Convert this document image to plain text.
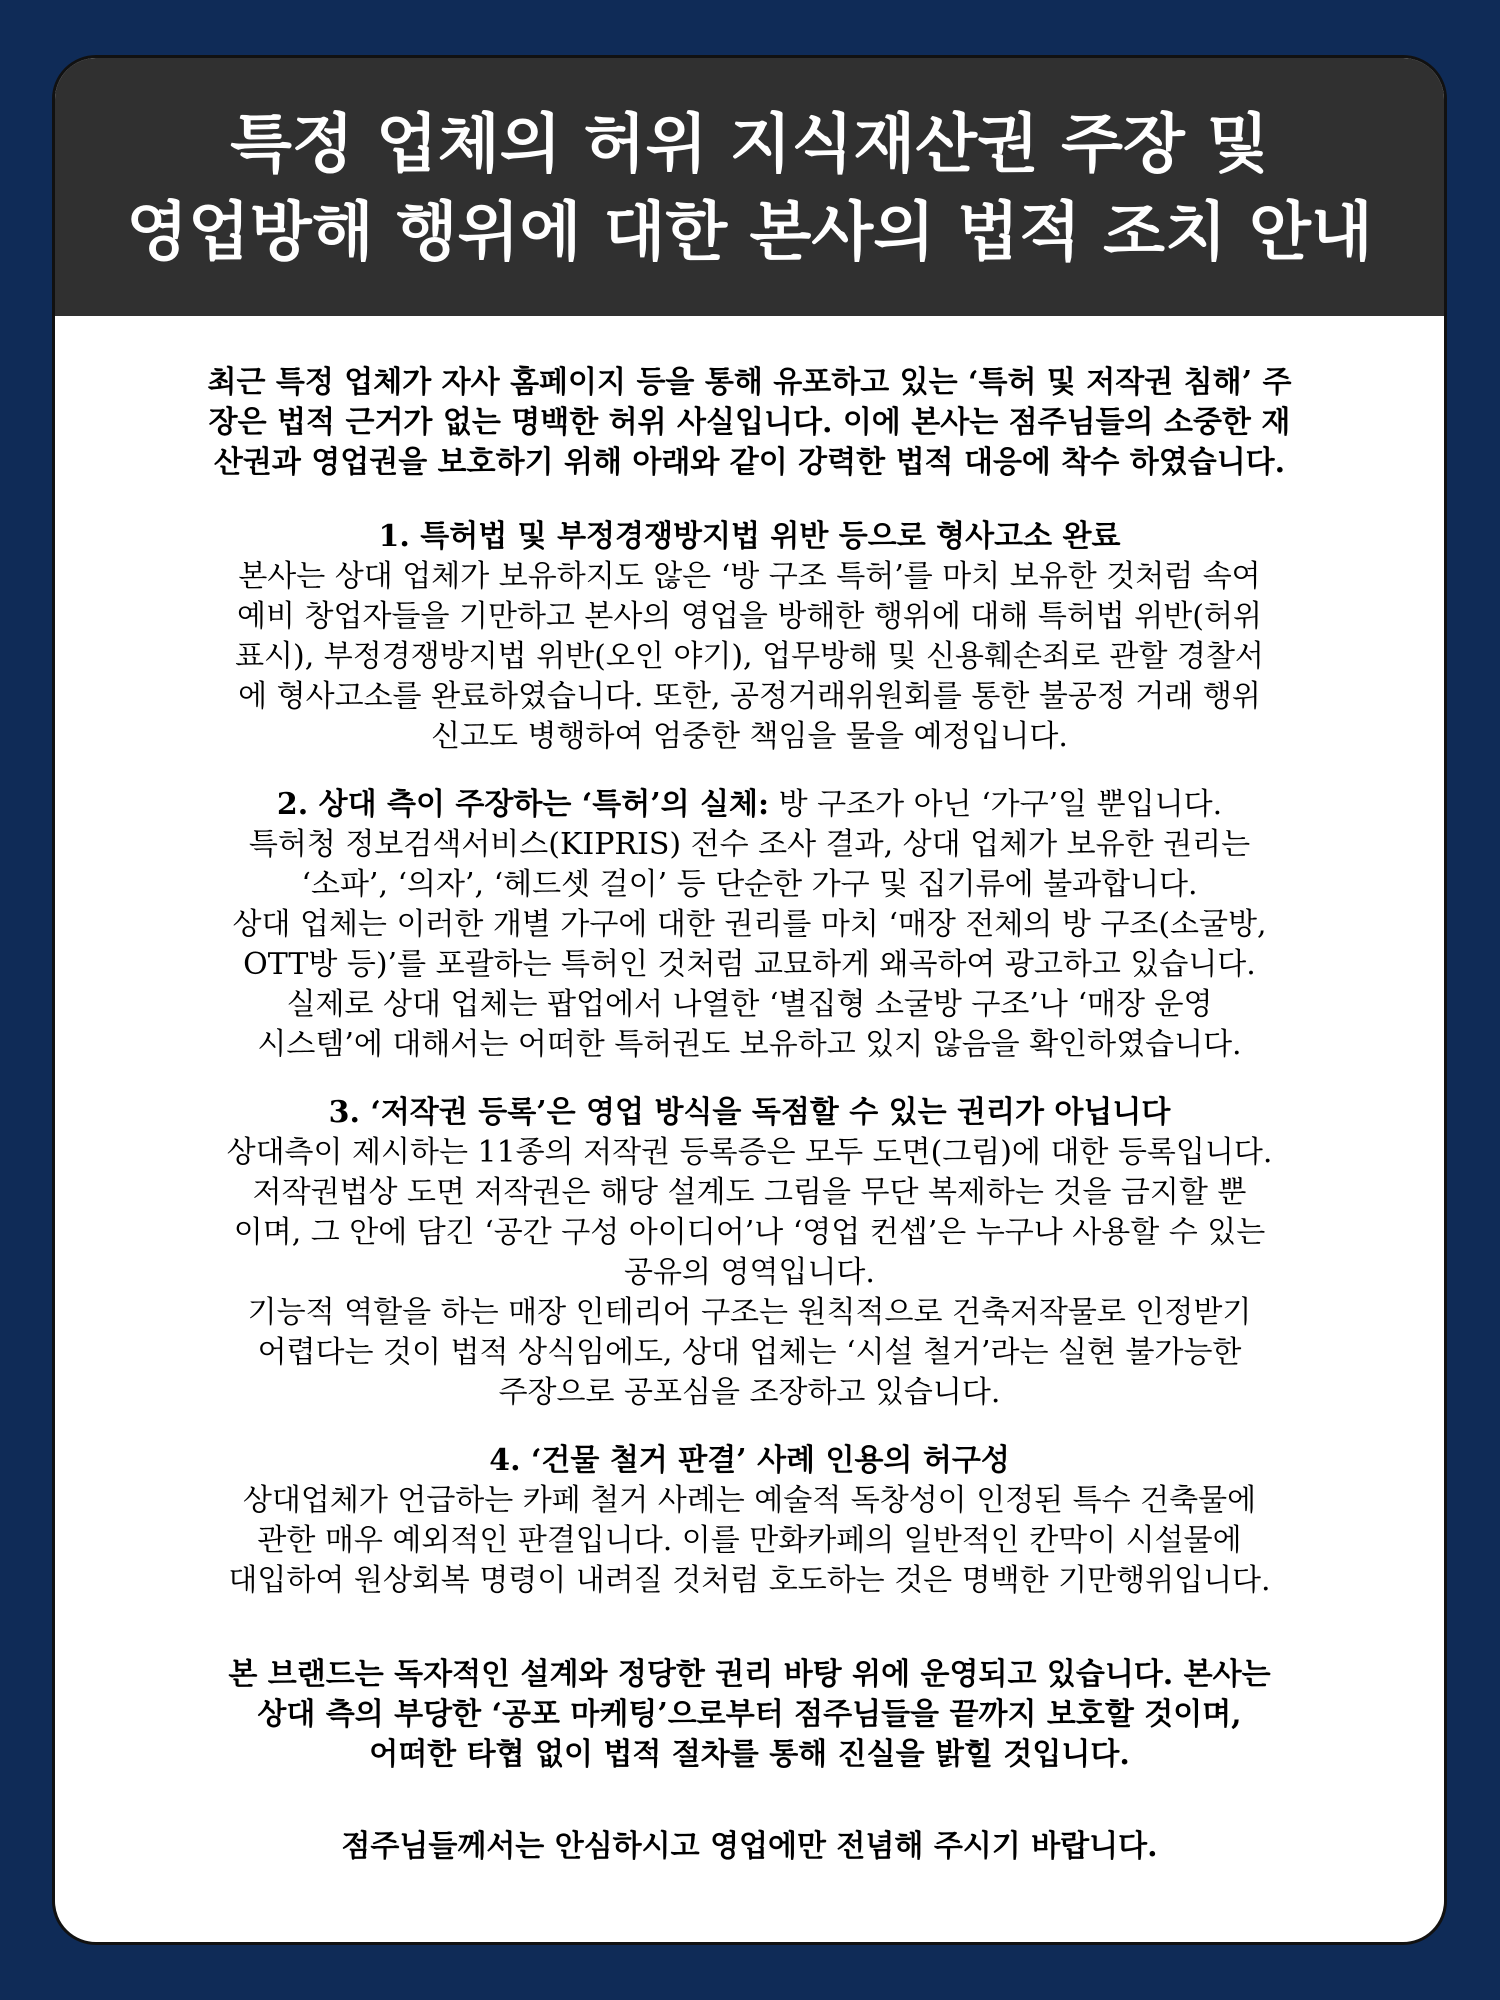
특정 업체의 허위 지식재산권 주장 및
영업방해 행위에 대한 본사의 법적 조치 안내
최근 특정 업체가 자사 홈페이지 등을 통해 유포하고 있는 ‘특허 및 저작권 침해’ 주
장은 법적 근거가 없는 명백한 허위 사실입니다. 이에 본사는 점주님들의 소중한 재
산권과 영업권을 보호하기 위해 아래와 같이 강력한 법적 대응에 착수 하였습니다.
1. 특허법 및 부정경쟁방지법 위반 등으로 형사고소 완료
본사는 상대 업체가 보유하지도 않은 ‘방 구조 특허’를 마치 보유한 것처럼 속여
예비 창업자들을 기만하고 본사의 영업을 방해한 행위에 대해 특허법 위반(허위
표시), 부정경쟁방지법 위반(오인 야기), 업무방해 및 신용훼손죄로 관할 경찰서
에 형사고소를 완료하였습니다. 또한, 공정거래위원회를 통한 불공정 거래 행위
신고도 병행하여 엄중한 책임을 물을 예정입니다.
2. 상대 측이 주장하는 ‘특허’의 실체: 방 구조가 아닌 ‘가구’일 뿐입니다.
특허청 정보검색서비스(KIPRIS) 전수 조사 결과, 상대 업체가 보유한 권리는
‘소파’, ‘의자’, ‘헤드셋 걸이’ 등 단순한 가구 및 집기류에 불과합니다.
상대 업체는 이러한 개별 가구에 대한 권리를 마치 ‘매장 전체의 방 구조(소굴방,
OTT방 등)’를 포괄하는 특허인 것처럼 교묘하게 왜곡하여 광고하고 있습니다.
실제로 상대 업체는 팝업에서 나열한 ‘별집형 소굴방 구조’나 ‘매장 운영
시스템’에 대해서는 어떠한 특허권도 보유하고 있지 않음을 확인하였습니다.
3. ‘저작권 등록’은 영업 방식을 독점할 수 있는 권리가 아닙니다
상대측이 제시하는 11종의 저작권 등록증은 모두 도면(그림)에 대한 등록입니다.
저작권법상 도면 저작권은 해당 설계도 그림을 무단 복제하는 것을 금지할 뿐
이며, 그 안에 담긴 ‘공간 구성 아이디어’나 ‘영업 컨셉’은 누구나 사용할 수 있는
공유의 영역입니다.
기능적 역할을 하는 매장 인테리어 구조는 원칙적으로 건축저작물로 인정받기
어렵다는 것이 법적 상식임에도, 상대 업체는 ‘시설 철거’라는 실현 불가능한
주장으로 공포심을 조장하고 있습니다.
4. ‘건물 철거 판결’ 사례 인용의 허구성
상대업체가 언급하는 카페 철거 사례는 예술적 독창성이 인정된 특수 건축물에
관한 매우 예외적인 판결입니다. 이를 만화카페의 일반적인 칸막이 시설물에
대입하여 원상회복 명령이 내려질 것처럼 호도하는 것은 명백한 기만행위입니다.
본 브랜드는 독자적인 설계와 정당한 권리 바탕 위에 운영되고 있습니다. 본사는
상대 측의 부당한 ‘공포 마케팅’으로부터 점주님들을 끝까지 보호할 것이며,
어떠한 타협 없이 법적 절차를 통해 진실을 밝힐 것입니다.
점주님들께서는 안심하시고 영업에만 전념해 주시기 바랍니다.
